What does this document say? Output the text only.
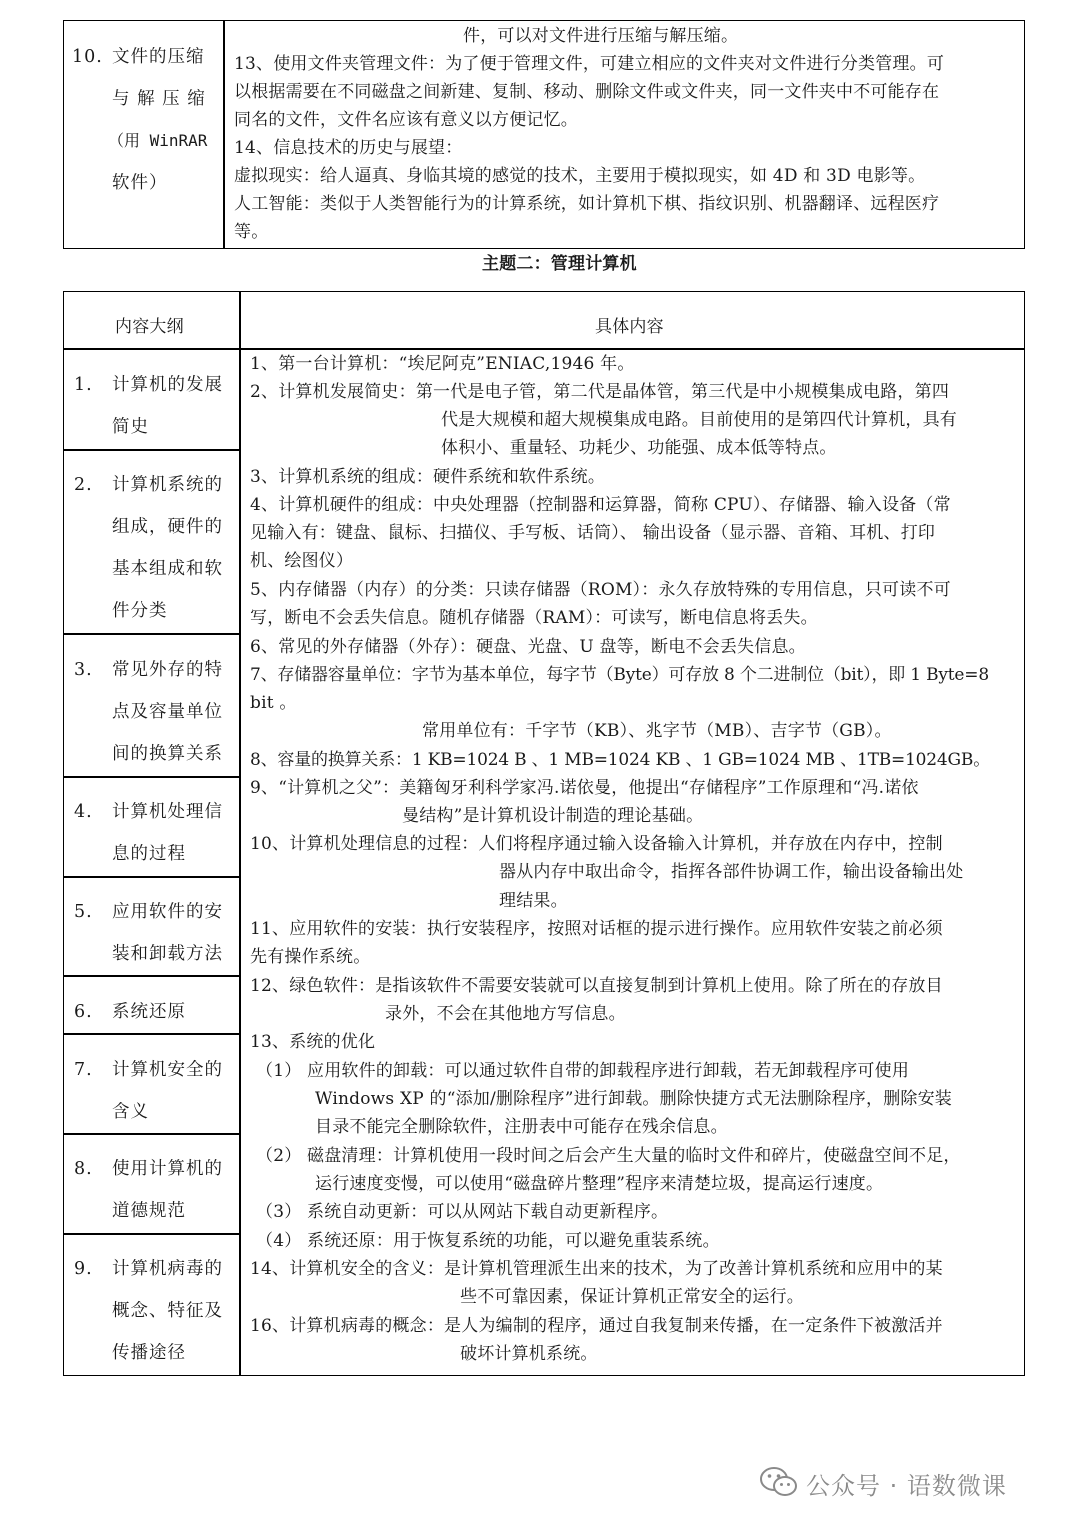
10. 文件的压缩
与 解 压 缩
（用 WinRAR
软件）
件，可以对文件进行压缩与解压缩。
13、使用文件夹管理文件：为了便于管理文件，可建立相应的文件夹对文件进行分类管理。可
以根据需要在不同磁盘之间新建、复制、移动、删除文件或文件夹，同一文件夹中不可能存在
同名的文件，文件名应该有意义以方便记忆。
14、信息技术的历史与展望：
虚拟现实：给人逼真、身临其境的感觉的技术，主要用于模拟现实，如 4D 和 3D 电影等。
人工智能：类似于人类智能行为的计算系统，如计算机下棋、指纹识别、机器翻译、远程医疗
等。
主题二：管理计算机
内容大纲	具体内容
1. 计算机的发展
简史
2. 计算机系统的
组成，硬件的
基本组成和软
件分类
3. 常见外存的特
点及容量单位
间的换算关系
4. 计算机处理信
息的过程
5. 应用软件的安
装和卸载方法
6. 系统还原
7. 计算机安全的
含义
8. 使用计算机的
道德规范
9. 计算机病毒的
概念、特征及
传播途径
1、第一台计算机：“埃尼阿克”ENIAC,1946 年。
2、计算机发展简史：第一代是电子管，第二代是晶体管，第三代是中小规模集成电路，第四
代是大规模和超大规模集成电路。目前使用的是第四代计算机，具有
体积小、重量轻、功耗少、功能强、成本低等特点。
3、计算机系统的组成：硬件系统和软件系统。
4、计算机硬件的组成：中央处理器（控制器和运算器，简称 CPU）、存储器、输入设备（常
见输入有：键盘、鼠标、扫描仪、手写板、话筒）、 输出设备（显示器、音箱、耳机、打印
机、绘图仪）
5、内存储器（内存）的分类：只读存储器（ROM）：永久存放特殊的专用信息，只可读不可
写，断电不会丢失信息。随机存储器（RAM）：可读写，断电信息将丢失。
6、常见的外存储器（外存）：硬盘、光盘、U 盘等，断电不会丢失信息。
7、存储器容量单位：字节为基本单位，每字节（Byte）可存放 8 个二进制位（bit），即 1 Byte=8
bit 。
常用单位有：千字节（KB）、兆字节（MB）、吉字节（GB）。
8、容量的换算关系：1 KB=1024 B 、1 MB=1024 KB 、1 GB=1024 MB 、1TB=1024GB。
9、“计算机之父”：美籍匈牙利科学家冯.诺依曼，他提出“存储程序”工作原理和“冯.诺依
曼结构”是计算机设计制造的理论基础。
10、计算机处理信息的过程：人们将程序通过输入设备输入计算机，并存放在内存中，控制
器从内存中取出命令，指挥各部件协调工作，输出设备输出处
理结果。
11、应用软件的安装：执行安装程序，按照对话框的提示进行操作。应用软件安装之前必须
先有操作系统。
12、绿色软件：是指该软件不需要安装就可以直接复制到计算机上使用。除了所在的存放目
录外，不会在其他地方写信息。
13、系统的优化
（1） 应用软件的卸载：可以通过软件自带的卸载程序进行卸载，若无卸载程序可使用
Windows XP 的“添加/删除程序”进行卸载。删除快捷方式无法删除程序，删除安装
目录不能完全删除软件，注册表中可能存在残余信息。
（2） 磁盘清理：计算机使用一段时间之后会产生大量的临时文件和碎片，使磁盘空间不足，
运行速度变慢，可以使用“磁盘碎片整理”程序来清楚垃圾，提高运行速度。
（3） 系统自动更新：可以从网站下载自动更新程序。
（4） 系统还原：用于恢复系统的功能，可以避免重装系统。
14、计算机安全的含义：是计算机管理派生出来的技术，为了改善计算机系统和应用中的某
些不可靠因素，保证计算机正常安全的运行。
16、计算机病毒的概念：是人为编制的程序，通过自我复制来传播，在一定条件下被激活并
破坏计算机系统。
公众号 · 语数微课
